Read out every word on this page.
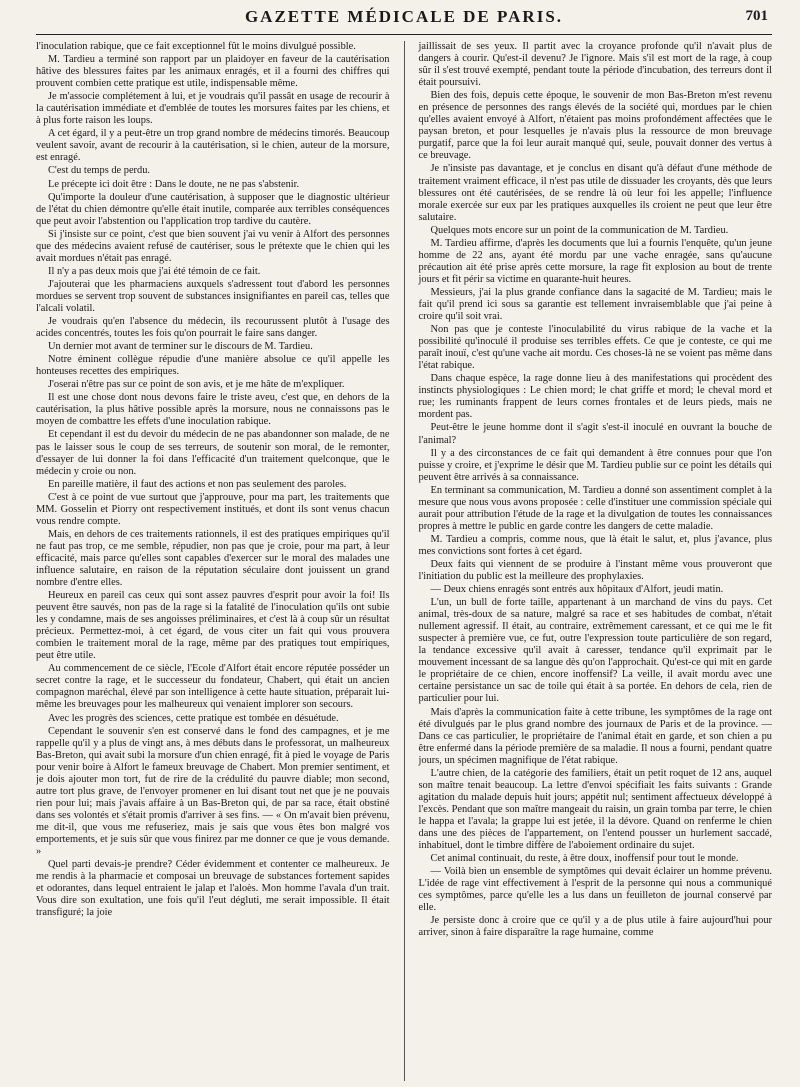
GAZETTE MÉDICALE DE PARIS.	701

l'inoculation rabique, que ce fait exceptionnel fût le moins divulgué possible.

M. Tardieu a terminé son rapport par un plaidoyer en faveur de la cautérisation hâtive des blessures faites par les animaux enragés, et il a fourni des chiffres qui prouvent combien cette pratique est utile, indispensable même.

Je m'associe complétement à lui, et je voudrais qu'il passât en usage de recourir à la cautérisation immédiate et d'emblée de toutes les morsures faites par les chiens, et à plus forte raison les loups.

A cet égard, il y a peut-être un trop grand nombre de médecins timorés. Beaucoup veulent savoir, avant de recourir à la cautérisation, si le chien, auteur de la morsure, est enragé.

C'est du temps de perdu.

Le précepte ici doit être : Dans le doute, ne ne pas s'abstenir.

Qu'importe la douleur d'une cautérisation, à supposer que le diagnostic ultérieur de l'état du chien démontre qu'elle était inutile, comparée aux terribles conséquences que peut avoir l'abstention ou l'application trop tardive du cautère.

Si j'insiste sur ce point, c'est que bien souvent j'ai vu venir à Alfort des personnes que des médecins avaient refusé de cautériser, sous le prétexte que le chien qui les avait mordues n'était pas enragé.

Il n'y a pas deux mois que j'ai été témoin de ce fait.

J'ajouterai que les pharmaciens auxquels s'adressent tout d'abord les personnes mordues se servent trop souvent de substances insignifiantes en pareil cas, telles que l'alcali volatil.

Je voudrais qu'en l'absence du médecin, ils recourussent plutôt à l'usage des acides concentrés, toutes les fois qu'on pourrait le faire sans danger.

Un dernier mot avant de terminer sur le discours de M. Tardieu.

Notre éminent collègue répudie d'une manière absolue ce qu'il appelle les honteuses recettes des empiriques.

J'oserai n'être pas sur ce point de son avis, et je me hâte de m'expliquer.

Il est une chose dont nous devons faire le triste aveu, c'est que, en dehors de la cautérisation, la plus hâtive possible après la morsure, nous ne connaissons pas le moyen de combattre les effets d'une inoculation rabique.

Et cependant il est du devoir du médecin de ne pas abandonner son malade, de ne pas le laisser sous le coup de ses terreurs, de soutenir son moral, de le remonter, d'essayer de lui donner la foi dans l'efficacité d'un traitement quelconque, que le médecin y croie ou non.

En pareille matière, il faut des actions et non pas seulement des paroles.

C'est à ce point de vue surtout que j'approuve, pour ma part, les traitements que MM. Gosselin et Piorry ont respectivement institués, et dont ils sont venus chacun vous rendre compte.

Mais, en dehors de ces traitements rationnels, il est des pratiques empiriques qu'il ne faut pas trop, ce me semble, répudier, non pas que je croie, pour ma part, à leur efficacité, mais parce qu'elles sont capables d'exercer sur le moral des malades une influence salutaire, en raison de la réputation séculaire dont jouissent un grand nombre d'entre elles.

Heureux en pareil cas ceux qui sont assez pauvres d'esprit pour avoir la foi! Ils peuvent être sauvés, non pas de la rage si la fatalité de l'inoculation qu'ils ont subie les y condamne, mais de ses angoisses préliminaires, et c'est là à coup sûr un résultat précieux. Permettez-moi, à cet égard, de vous citer un fait qui vous prouvera combien le traitement moral de la rage, même par des pratiques tout empiriques, peut être utile.

Au commencement de ce siècle, l'Ecole d'Alfort était encore réputée posséder un secret contre la rage, et le successeur du fondateur, Chabert, qui était un ancien compagnon maréchal, élevé par son intelligence à cette haute situation, préparait lui-même les breuvages pour les malheureux qui venaient implorer son secours.

Avec les progrès des sciences, cette pratique est tombée en désuétude.

Cependant le souvenir s'en est conservé dans le fond des campagnes, et je me rappelle qu'il y a plus de vingt ans, à mes débuts dans le professorat, un malheureux Bas-Breton, qui avait subi la morsure d'un chien enragé, fit à pied le voyage de Paris pour venir boire à Alfort le fameux breuvage de Chabert. Mon premier sentiment, et je dois ajouter mon tort, fut de rire de la crédulité du pauvre diable; mon second, autre tort plus grave, de l'envoyer promener en lui disant tout net que je ne pouvais rien pour lui; mais j'avais affaire à un Bas-Breton qui, de par sa race, était obstiné dans ses volontés et s'était promis d'arriver à ses fins. — « On m'avait bien prévenu, me dit-il, que vous me refuseriez, mais je sais que vous êtes bon malgré vos emportements, et je suis sûr que vous finirez par me donner ce que je vous demande. »

Quel parti devais-je prendre? Céder évidemment et contenter ce malheureux. Je me rendis à la pharmacie et composai un breuvage de substances fortement sapides et odorantes, dans lequel entraient le jalap et l'aloès. Mon homme l'avala d'un trait. Vous dire son exultation, une fois qu'il l'eut dégluti, me serait impossible. Il était transfiguré; la joie

jaillissait de ses yeux. Il partit avec la croyance profonde qu'il n'avait plus de dangers à courir. Qu'est-il devenu? Je l'ignore. Mais s'il est mort de la rage, à coup sûr il s'est trouvé exempté, pendant toute la période d'incubation, des terreurs dont il était poursuivi.

Bien des fois, depuis cette époque, le souvenir de mon Bas-Breton m'est revenu en présence de personnes des rangs élevés de la société qui, mordues par le chien qu'elles avaient envoyé à Alfort, n'étaient pas moins profondément affectées que le paysan breton, et pour lesquelles je n'avais plus la ressource de mon breuvage purgatif, parce que la foi leur aurait manqué qui, seule, pouvait donner des vertus à ce breuvage.

Je n'insiste pas davantage, et je conclus en disant qu'à défaut d'une méthode de traitement vraiment efficace, il n'est pas utile de dissuader les croyants, dès que leurs blessures ont été cautérisées, de se rendre là où leur foi les appelle; l'influence morale exercée sur eux par les pratiques auxquelles ils croient ne peut que leur être salutaire.

Quelques mots encore sur un point de la communication de M. Tardieu.

M. Tardieu affirme, d'après les documents que lui a fournis l'enquête, qu'un jeune homme de 22 ans, ayant été mordu par une vache enragée, sans qu'aucune précaution ait été prise après cette morsure, la rage fit explosion au bout de trente jours et fit périr sa victime en quarante-huit heures.

Messieurs, j'ai la plus grande confiance dans la sagacité de M. Tardieu; mais le fait qu'il prend ici sous sa garantie est tellement invraisemblable que j'ai peine à croire qu'il soit vrai.

Non pas que je conteste l'inoculabilité du virus rabique de la vache et la possibilité qu'inoculé il produise ses terribles effets. Ce que je conteste, ce qui me paraît inouï, c'est qu'une vache ait mordu. Ces choses-là ne se voient pas même dans l'état rabique.

Dans chaque espèce, la rage donne lieu à des manifestations qui procèdent des instincts physiologiques : Le chien mord; le chat griffe et mord; le cheval mord et rue; les ruminants frappent de leurs cornes frontales et de leurs pieds, mais ne mordent pas.

Peut-être le jeune homme dont il s'agit s'est-il inoculé en ouvrant la bouche de l'animal?

Il y a des circonstances de ce fait qui demandent à être connues pour que l'on puisse y croire, et j'exprime le désir que M. Tardieu publie sur ce point les détails qui peuvent être arrivés à sa connaissance.

En terminant sa communication, M. Tardieu a donné son assentiment complet à la mesure que nous vous avons proposée : celle d'instituer une commission spéciale qui aurait pour attribution l'étude de la rage et la divulgation de toutes les connaissances propres à mettre le public en garde contre les dangers de cette maladie.

M. Tardieu a compris, comme nous, que là était le salut, et, plus j'avance, plus mes convictions sont fortes à cet égard.

Deux faits qui viennent de se produire à l'instant même vous prouveront que l'initiation du public est la meilleure des prophylaxies.

— Deux chiens enragés sont entrés aux hôpitaux d'Alfort, jeudi matin.

L'un, un bull de forte taille, appartenant à un marchand de vins du pays. Cet animal, très-doux de sa nature, malgré sa race et ses habitudes de combat, n'était nullement agressif. Il était, au contraire, extrêmement caressant, et ce qui me le fit suspecter à première vue, ce fut, outre l'expression toute particulière de son regard, la tendance excessive qu'il avait à caresser, tendance qu'il exprimait par le mouvement incessant de sa langue dès qu'on l'approchait. Qu'est-ce qui mit en garde le propriétaire de ce chien, encore inoffensif? La veille, il avait mordu avec une certaine persistance un sac de toile qui était à sa portée. En dehors de cela, rien de particulier pour lui.

Mais d'après la communication faite à cette tribune, les symptômes de la rage ont été divulgués par le plus grand nombre des journaux de Paris et de la province. — Dans ce cas particulier, le propriétaire de l'animal était en garde, et son chien a pu être enfermé dans la période première de sa maladie. Il nous a fourni, pendant quatre jours, un spécimen magnifique de l'état rabique.

L'autre chien, de la catégorie des familiers, était un petit roquet de 12 ans, auquel son maître tenait beaucoup. La lettre d'envoi spécifiait les faits suivants : Grande agitation du malade depuis huit jours; appétit nul; sentiment affectueux développé à l'excès. Pendant que son maître mangeait du raisin, un grain tomba par terre, le chien le happa et l'avala; la grappe lui est jetée, il la dévore. Quand on renferme le chien dans une des pièces de l'appartement, on l'entend pousser un hurlement saccadé, inhabituel, dont le timbre diffère de l'aboiement ordinaire du sujet.

Cet animal continuait, du reste, à être doux, inoffensif pour tout le monde.

— Voilà bien un ensemble de symptômes qui devait éclairer un homme prévenu. L'idée de rage vint effectivement à l'esprit de la personne qui nous a communiqué ces symptômes, parce qu'elle les a lus dans un feuilleton de journal conservé par elle.

Je persiste donc à croire que ce qu'il y a de plus utile à faire aujourd'hui pour arriver, sinon à faire disparaître la rage humaine, comme
